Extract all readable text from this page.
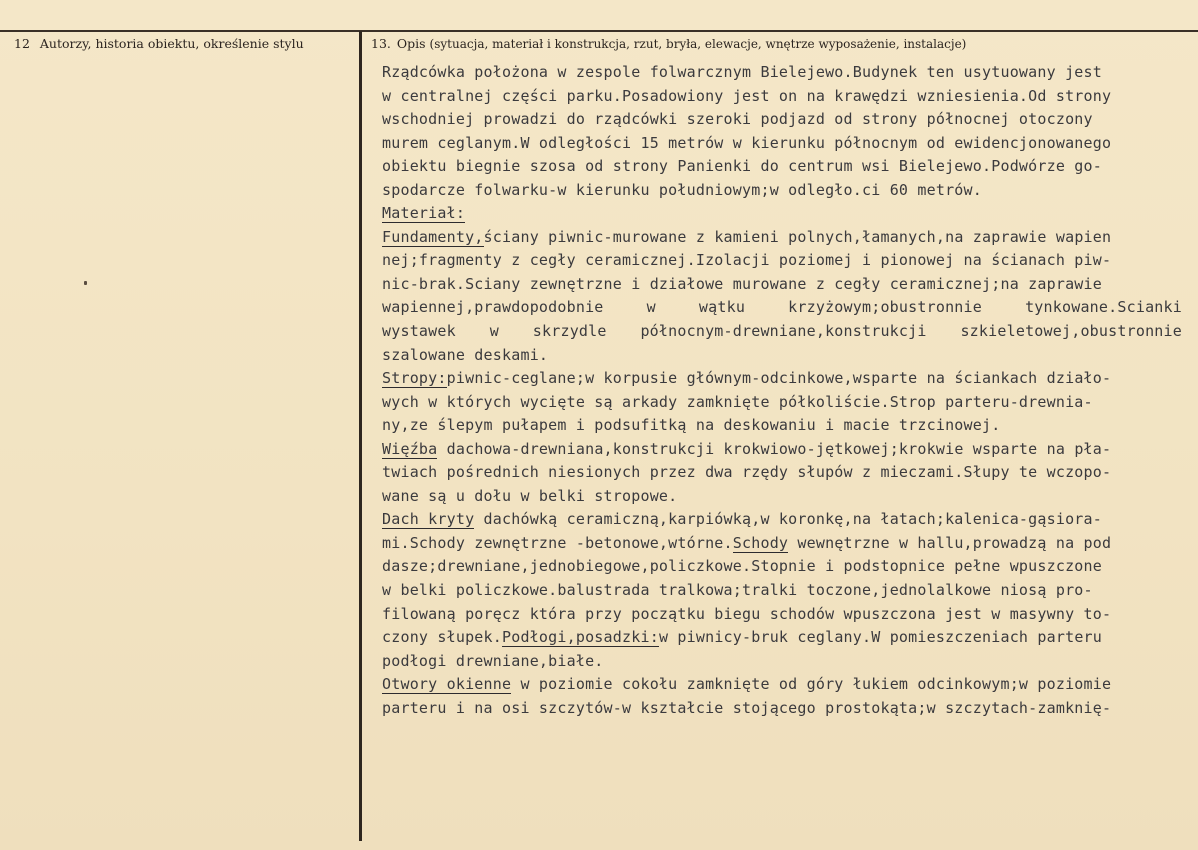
12 Autorzy, historia obiektu, określenie stylu	13. Opis (sytuacja, materiał i konstrukcja, rzut, bryła, elewacje, wnętrze wyposażenie, instalacje)
Rządcówka położona w zespole folwarcznym Bielejewo.Budynek ten usytuowany jest
w centralnej części parku.Posadowiony jest on na krawędzi wzniesienia.Od strony
wschodniej prowadzi do rządcówki szeroki podjazd od strony północnej otoczony
murem ceglanym.W odległości 15 metrów w kierunku północnym od ewidencjonowanego
obiektu biegnie szosa od strony Panienki do centrum wsi Bielejewo.Podwórze go-
spodarcze folwarku-w kierunku południowym;w odległo.ci 60 metrów.
Materiał:
Fundamenty,ściany piwnic-murowane z kamieni polnych,łamanych,na zaprawie wapien
nej;fragmenty z cegły ceramicznej.Izolacji poziomej i pionowej na ścianach piw-
nic-brak.Sciany zewnętrzne i działowe murowane z cegły ceramicznej;na zaprawie
wapiennej,prawdopodobnie w wątku krzyżowym;obustronnie tynkowane.Scianki
wystawek w skrzydle północnym-drewniane,konstrukcji szkieletowej,obustronnie
szalowane deskami.
Stropy:piwnic-ceglane;w korpusie głównym-odcinkowe,wsparte na ściankach działo-
wych w których wycięte są arkady zamknięte półkoliście.Strop parteru-drewnia-
ny,ze ślepym pułapem i podsufitką na deskowaniu i macie trzcinowej.
Więźba dachowa-drewniana,konstrukcji krokwiowo-jętkowej;krokwie wsparte na pła-
twiach pośrednich niesionych przez dwa rzędy słupów z mieczami.Słupy te wczopo-
wane są u dołu w belki stropowe.
Dach kryty dachówką ceramiczną,karpiówką,w koronkę,na łatach;kalenica-gąsiora-
mi.Schody zewnętrzne -betonowe,wtórne.Schody wewnętrzne w hallu,prowadzą na pod
dasze;drewniane,jednobiegowe,policzkowe.Stopnie i podstopnice pełne wpuszczone
w belki policzkowe.balustrada tralkowa;tralki toczone,jednolalkowe niosą pro-
filowaną poręcz która przy początku biegu schodów wpuszczona jest w masywny to-
czony słupek.Podłogi,posadzki:w piwnicy-bruk ceglany.W pomieszczeniach parteru
podłogi drewniane,białe.
Otwory okienne w poziomie cokołu zamknięte od góry łukiem odcinkowym;w poziomie
parteru i na osi szczytów-w kształcie stojącego prostokąta;w szczytach-zamknię-
